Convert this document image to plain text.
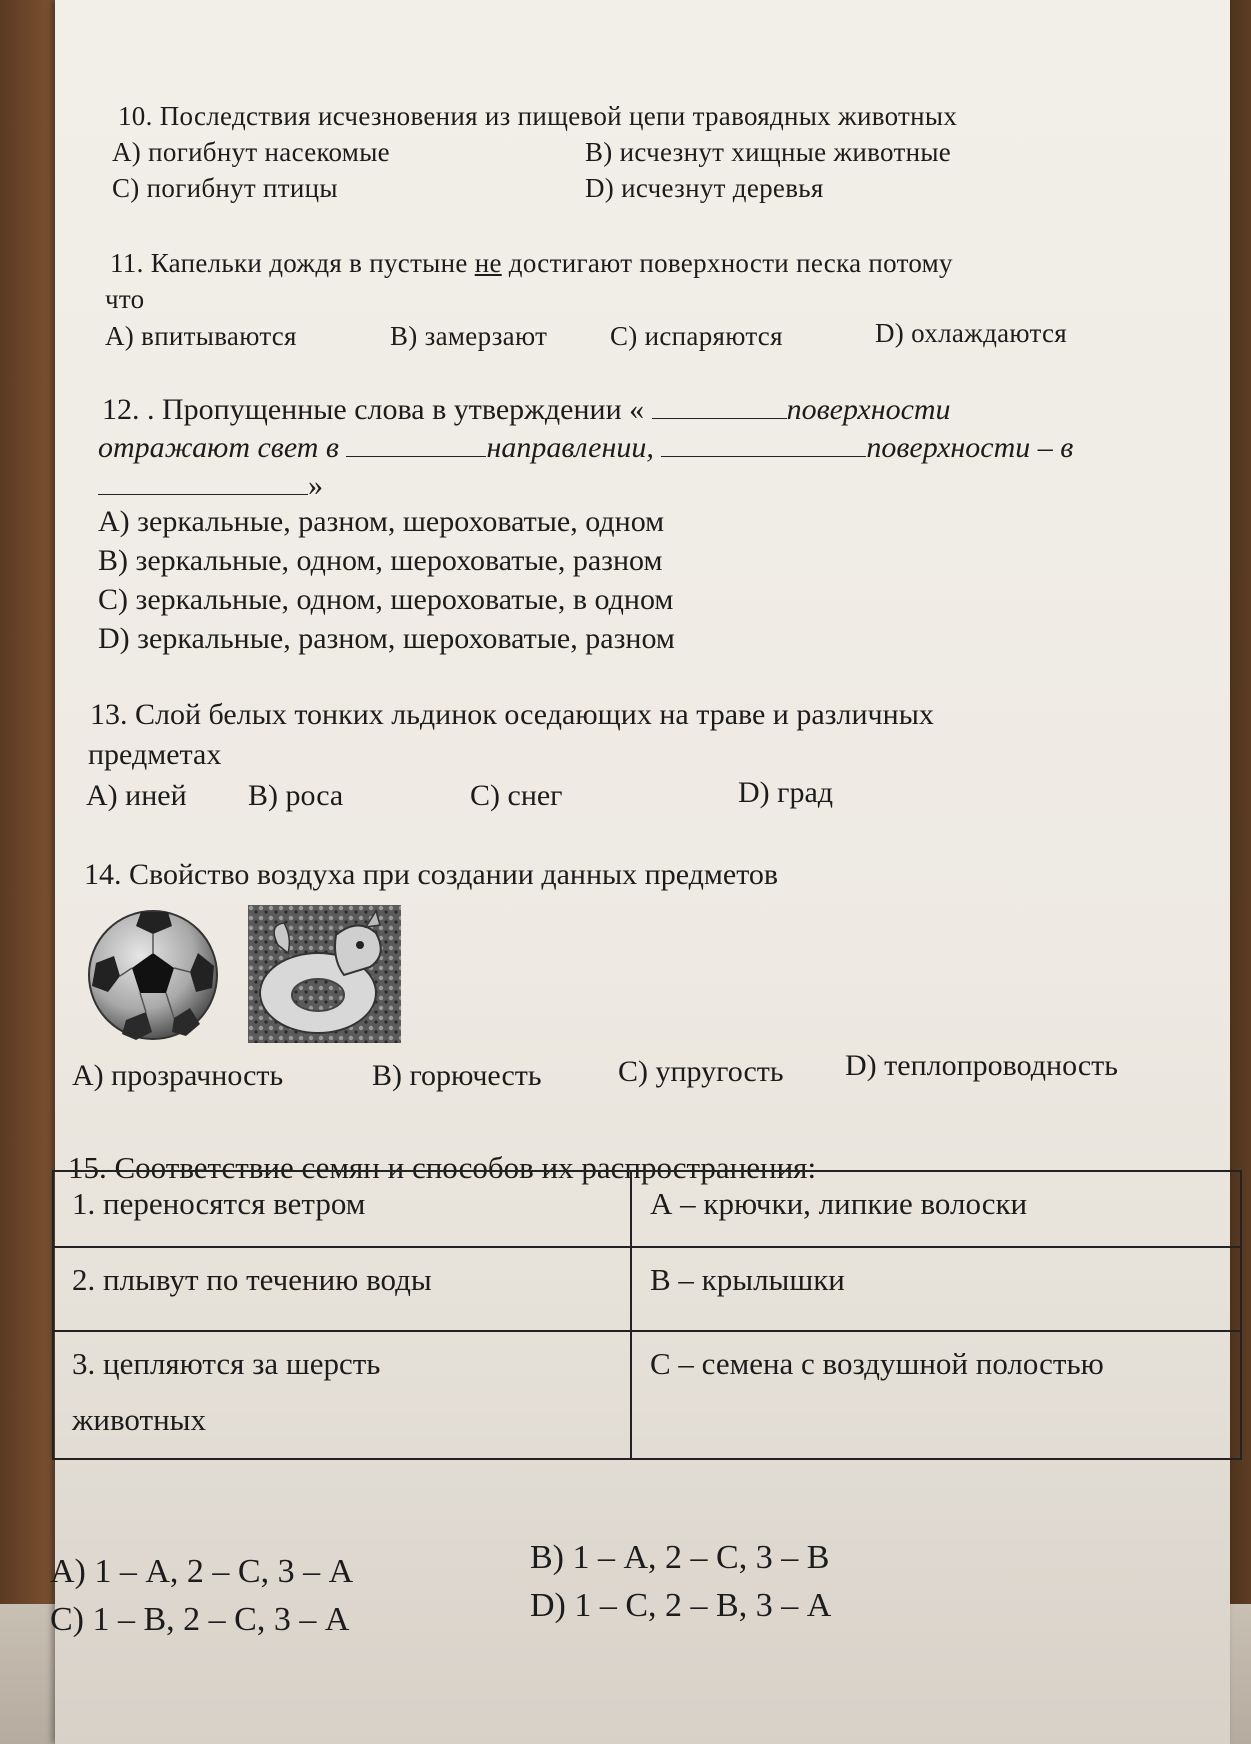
10. Последствия исчезновения из пищевой цепи травоядных животных
А) погибнут насекомые	В) исчезнут хищные животные
С) погибнут птицы	D) исчезнут деревья
11. Капельки дождя в пустыне не достигают поверхности песка потому
что
А) впитываются	В) замерзают С) испаряются	D) охлаждаются
12. . Пропущенные слова в утверждении «	поверхности
отражают свет в	направлении,	поверхности – в
»
А) зеркальные, разном, шероховатые, одном
В) зеркальные, одном, шероховатые, разном
С) зеркальные, одном, шероховатые, в одном
D) зеркальные, разном, шероховатые, разном
13. Слой белых тонких льдинок оседающих на траве и различных
предметах
А) иней В) роса	С) снег	D) град
14. Свойство воздуха при создании данных предметов
А) прозрачность	В) горючесть	С) упругость D) теплопроводность
15. Соответствие семян и способов их распространения:
1. переносятся ветром	А – крючки, липкие волоски
2. плывут по течению воды	В – крылышки

3. цепляются за шерсть
животных	С – семена с воздушной полостью
А) 1 – А, 2 – С, 3 – А	В) 1 – А, 2 – С, 3 – В
С) 1 – В, 2 – С, 3 – А	D) 1 – С, 2 – В, 3 – А
